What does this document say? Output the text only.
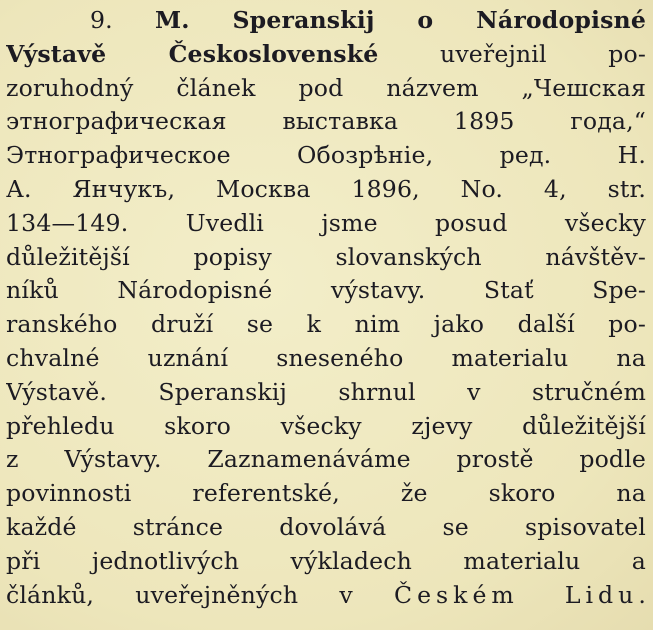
9. M. Speranskij o Národopisné
Výstavě Československé uveřejnil po-
zoruhodný článek pod názvem „Чешская
этнографическая выставка 1895 года,“
Этнографическое Обозрѣніе, ред. Н.
А. Янчукъ, Москва 1896, No. 4, str.
134—149. Uvedli jsme posud všecky
důležitější popisy slovanských návštěv-
níků Národopisné výstavy. Stať Spe-
ranského druží se k nim jako další po-
chvalné uznání sneseného materialu na
Výstavě. Speranskij shrnul v stručném
přehledu skoro všecky zjevy důležitější
z Výstavy. Zaznamenáváme prostě podle
povinnosti referentské, že skoro na
každé stránce dovolává se spisovatel
při jednotlivých výkladech materialu a
článků, uveřejněných v Českém Lidu.
